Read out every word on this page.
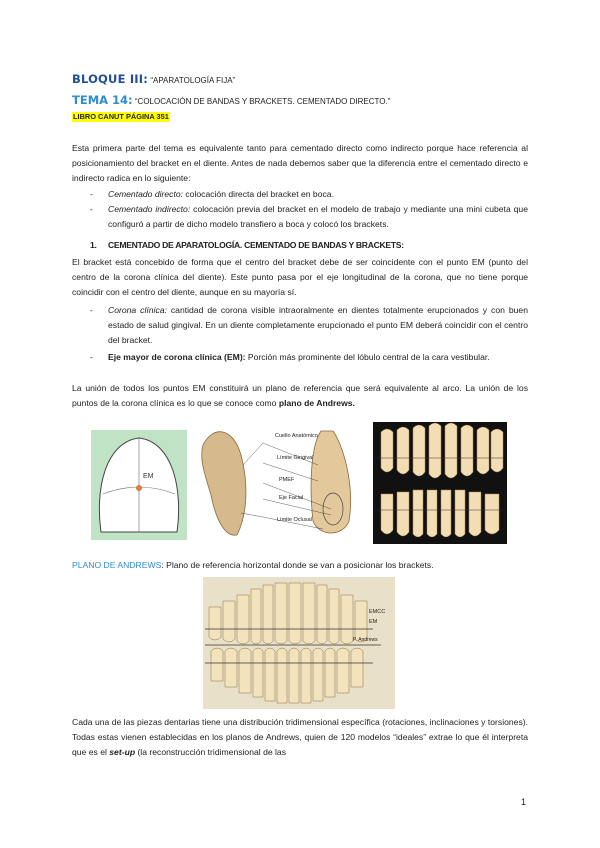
BLOQUE III: “APARATOLOGÍA FIJA”
TEMA 14: “COLOCACIÓN DE BANDAS Y BRACKETS. CEMENTADO DIRECTO.”
LIBRO CANUT PÁGINA 351
Esta primera parte del tema es equivalente tanto para cementado directo como indirecto porque hace referencia al posicionamiento del bracket en el diente. Antes de nada debemos saber que la diferencia entre el cementado directo e indirecto radica en lo siguiente:
- Cementado directo: colocación directa del bracket en boca.
- Cementado indirecto: colocación previa del bracket en el modelo de trabajo y mediante una mini cubeta que configuró a partir de dicho modelo transfiero a boca y colocó los brackets.
1. CEMENTADO DE APARATOLOGÍA. CEMENTADO DE BANDAS Y BRACKETS:
El bracket está concebido de forma que el centro del bracket debe de ser coincidente con el punto EM (punto del centro de la corona clínica del diente). Este punto pasa por el eje longitudinal de la corona, que no tiene porque coincidir con el centro del diente, aunque en su mayoría sí.
- Corona clínica: cantidad de corona visible intraoralmente en dientes totalmente erupcionados y con buen estado de salud gingival. En un diente completamente erupcionado el punto EM deberá coincidir con el centro del bracket.
- Eje mayor de corona clínica (EM): Porción más prominente del lóbulo central de la cara vestibular.
La unión de todos los puntos EM constituirá un plano de referencia que será equivalente al arco. La unión de los puntos de la corona clínica es lo que se conoce como plano de Andrews.
EM
Cuello Anatómico
Límite Gingival
PMEF
Eje Facial
Límite Oclusal
PLANO DE ANDREWS: Plano de referencia horizontal donde se van a posicionar los brackets.
EMCC
EM
P. Andrews
Cada una de las piezas dentarias tiene una distribución tridimensional específica (rotaciones, inclinaciones y torsiones). Todas estas vienen establecidas en los planos de Andrews, quien de 120 modelos “ideales” extrae lo que él interpreta que es el set-up (la reconstrucción tridimensional de las
1
